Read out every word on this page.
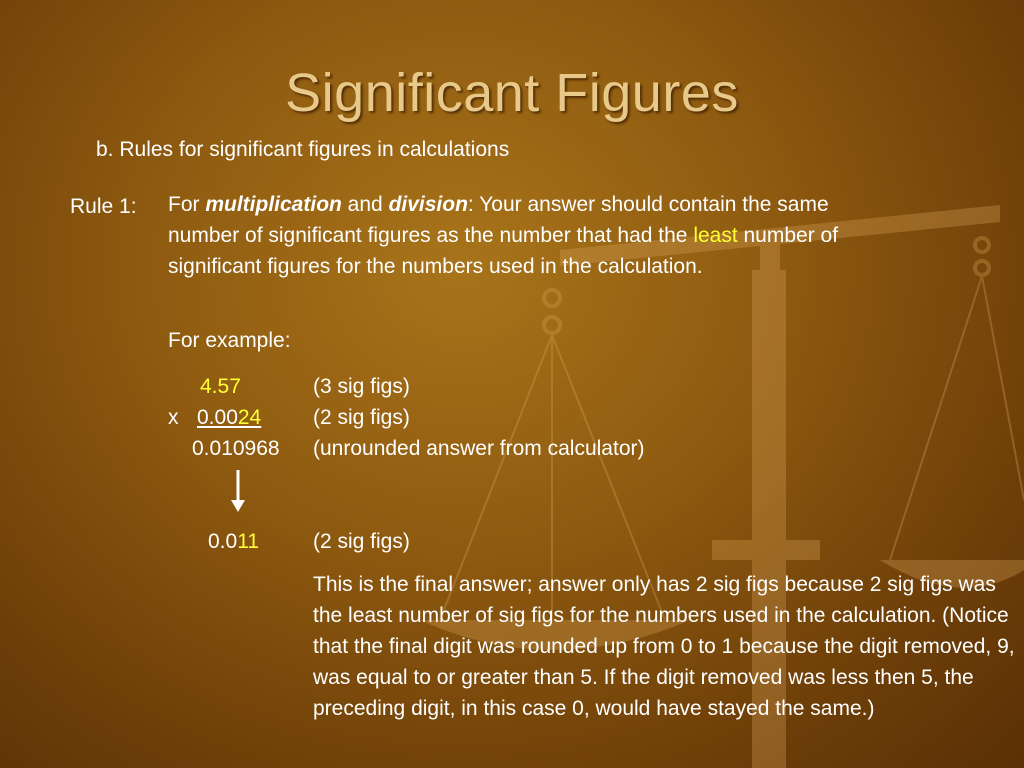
Significant Figures
b. Rules for significant figures in calculations
Rule 1: For multiplication and division: Your answer should contain the same number of significant figures as the number that had the least number of significant figures for the numbers used in the calculation.
For example:
4.57	(3 sig figs)
x 0.0024 (2 sig figs)
0.010968 (unrounded answer from calculator)
0.011	(2 sig figs)
This is the final answer; answer only has 2 sig figs because 2 sig figs was the least number of sig figs for the numbers used in the calculation. (Notice that the final digit was rounded up from 0 to 1 because the digit removed, 9, was equal to or greater than 5. If the digit removed was less then 5, the preceding digit, in this case 0, would have stayed the same.)
